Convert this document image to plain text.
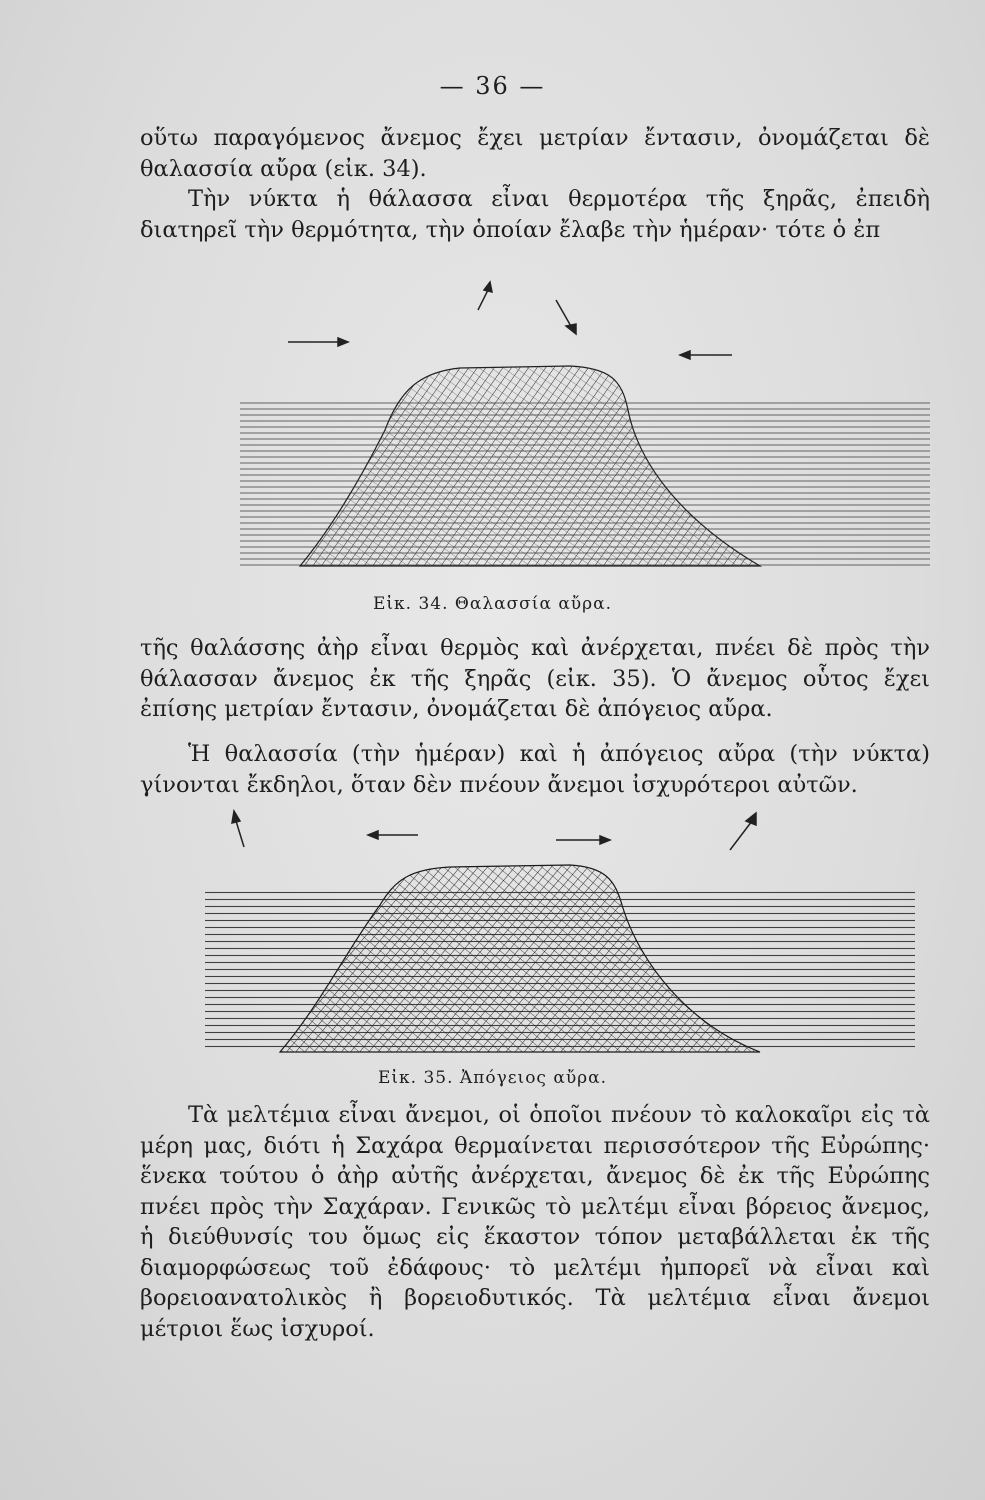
— 36 —

οὕτω παραγόμενος ἄνεμος ἔχει μετρίαν ἔντασιν, ὀνομάζεται δὲ θαλασσία αὔρα (εἰκ. 34).

Τὴν νύκτα ἡ θάλασσα εἶναι θερμοτέρα τῆς ξηρᾶς, ἐπειδὴ διατηρεῖ τὴν θερμότητα, τὴν ὁποίαν ἔλαβε τὴν ἡμέραν· τότε ὁ ἐπ

Εἰκ. 34. Θαλασσία αὔρα.

τῆς θαλάσσης ἀὴρ εἶναι θερμὸς καὶ ἀνέρχεται, πνέει δὲ πρὸς τὴν θάλασσαν ἄνεμος ἐκ τῆς ξηρᾶς (εἰκ. 35). Ὁ ἄνεμος οὗτος ἔχει ἐπίσης μετρίαν ἔντασιν, ὀνομάζεται δὲ ἀπόγειος αὔρα.

Ἡ θαλασσία (τὴν ἡμέραν) καὶ ἡ ἀπόγειος αὔρα (τὴν νύκτα) γίνονται ἔκδηλοι, ὅταν δὲν πνέουν ἄνεμοι ἰσχυρότεροι αὐτῶν.

Εἰκ. 35. Ἀπόγειος αὔρα.

Τὰ μελτέμια εἶναι ἄνεμοι, οἱ ὁποῖοι πνέουν τὸ καλοκαῖρι εἰς τὰ μέρη μας, διότι ἡ Σαχάρα θερμαίνεται περισσότερον τῆς Εὐρώπης· ἕνεκα τούτου ὁ ἀὴρ αὐτῆς ἀνέρχεται, ἄνεμος δὲ ἐκ τῆς Εὐρώπης πνέει πρὸς τὴν Σαχάραν. Γενικῶς τὸ μελτέμι εἶναι βόρειος ἄνεμος, ἡ διεύθυνσίς του ὅμως εἰς ἕκαστον τόπον μεταβάλλεται ἐκ τῆς διαμορφώσεως τοῦ ἐδάφους· τὸ μελτέμι ἠμπορεῖ νὰ εἶναι καὶ βορειοανατολικὸς ἢ βορειοδυτικός. Τὰ μελτέμια εἶναι ἄνεμοι μέτριοι ἕως ἰσχυροί.
